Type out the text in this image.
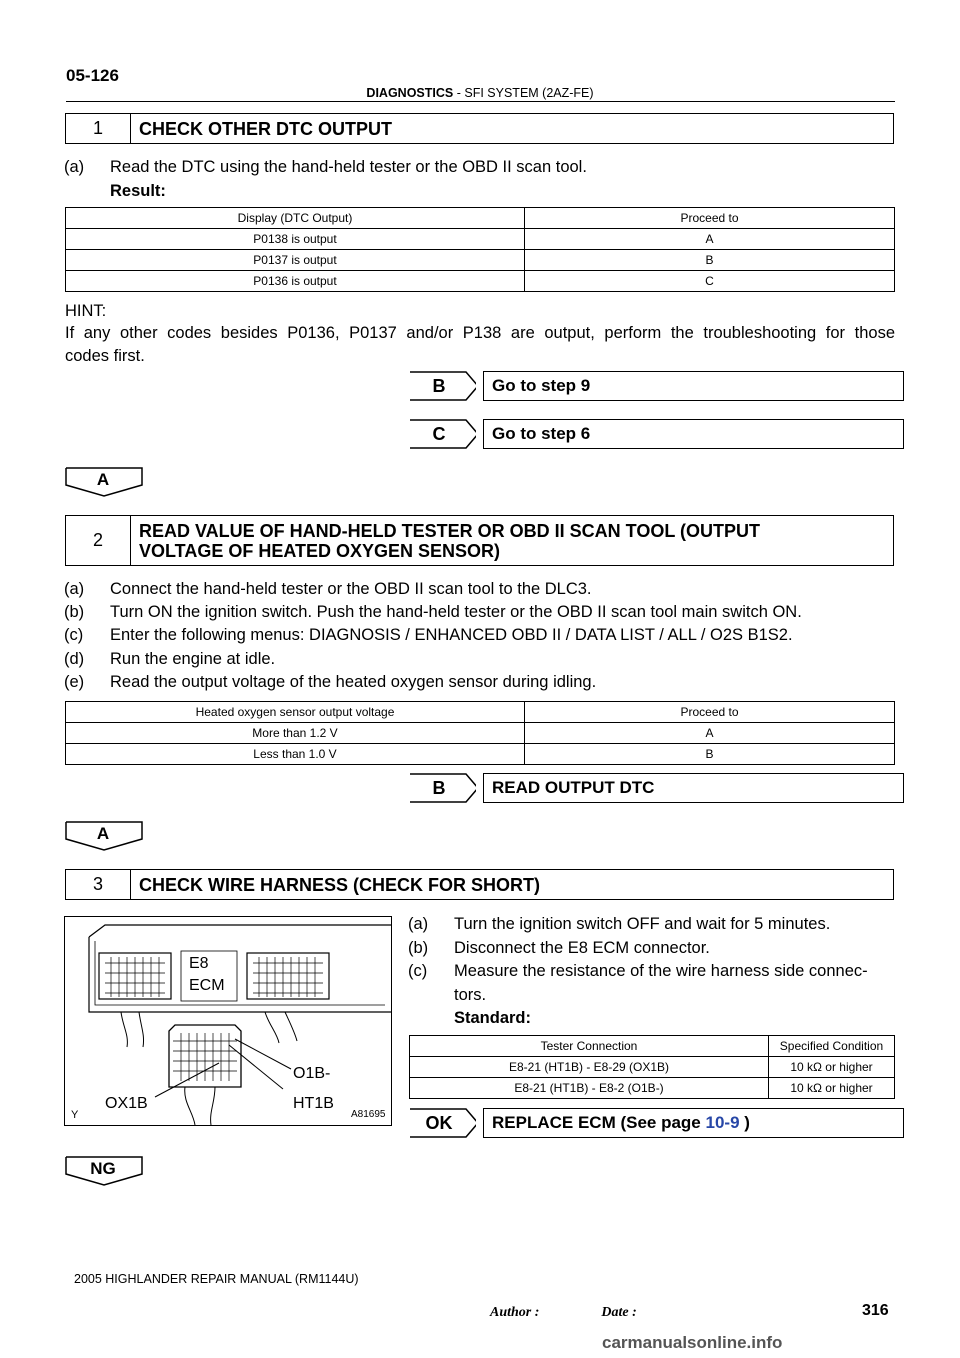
05-126
DIAGNOSTICS - SFI SYSTEM (2AZ-FE)
1	CHECK OTHER DTC OUTPUT
(a) Read the DTC using the hand-held tester or the OBD II scan tool.
Result:
Display (DTC Output)	Proceed to
P0138 is output	A
P0137 is output	B
P0136 is output	C
HINT:
If any other codes besides P0136, P0137 and/or P138 are output, perform the troubleshooting for those
codes first.
B	Go to step 9
C	Go to step 6
A
2	READ VALUE OF HAND-HELD TESTER OR OBD II SCAN TOOL (OUTPUT
VOLTAGE OF HEATED OXYGEN SENSOR)
(a) Connect the hand-held tester or the OBD II scan tool to the DLC3.
(b) Turn ON the ignition switch. Push the hand-held tester or the OBD II scan tool main switch ON.
(c) Enter the following menus: DIAGNOSIS / ENHANCED OBD II / DATA LIST / ALL / O2S B1S2.
(d) Run the engine at idle.
(e) Read the output voltage of the heated oxygen sensor during idling.
Heated oxygen sensor output voltage	Proceed to
More than 1.2 V	A
Less than 1.0 V	B
B	READ OUTPUT DTC
A
3	CHECK WIRE HARNESS (CHECK FOR SHORT)
E8
ECM
O1B-
OX1B	HT1B
Y	A81695
(a) Turn the ignition switch OFF and wait for 5 minutes.
(b) Disconnect the E8 ECM connector.
(c) Measure the resistance of the wire harness side connec-
tors.
Standard:
Tester Connection	Specified Condition
E8-21 (HT1B) - E8-29 (OX1B)	10 kΩ or higher
E8-21 (HT1B) - E8-2 (O1B-)	10 kΩ or higher
OK	REPLACE ECM (See page 10-9 )
NG
2005 HIGHLANDER REPAIR MANUAL (RM1144U)
Author :	Date :	316
carmanualsonline.info
